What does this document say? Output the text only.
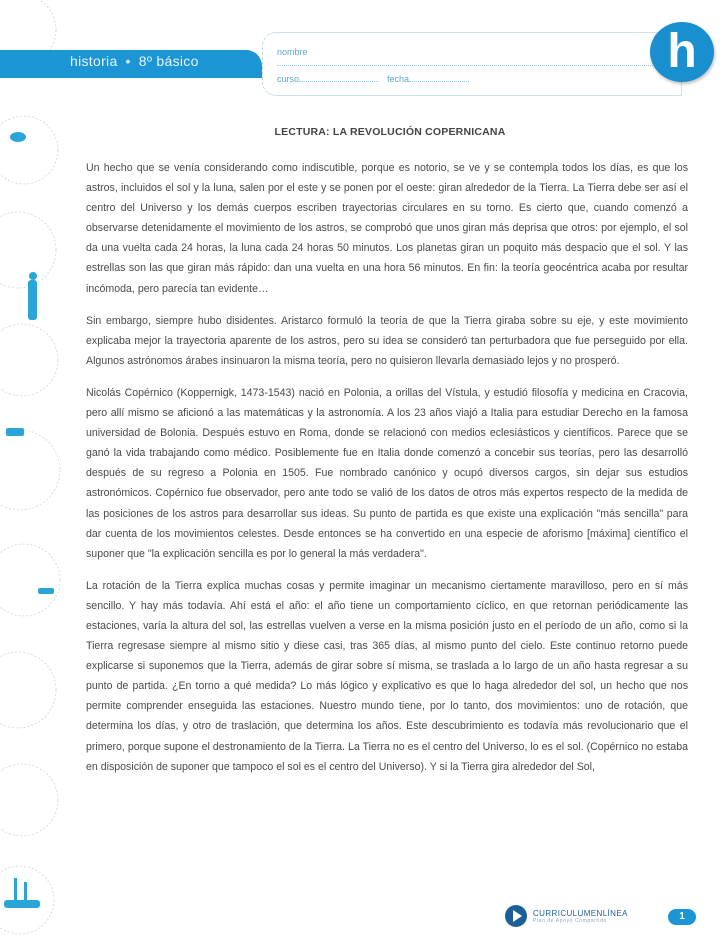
historia • 8º básico
nombre
curso	fecha
h
LECTURA: LA REVOLUCIÓN COPERNICANA

Un hecho que se venía considerando como indiscutible, porque es notorio, se ve y se contempla todos los días, es que los astros, incluidos el sol y la luna, salen por el este y se ponen por el oeste: giran alrededor de la Tierra. La Tierra debe ser así el centro del Universo y los demás cuerpos escriben trayectorias circulares en su torno. Es cierto que, cuando comenzó a observarse detenidamente el movimiento de los astros, se comprobó que unos giran más deprisa que otros: por ejemplo, el sol da una vuelta cada 24 horas, la luna cada 24 horas 50 minutos. Los planetas giran un poquito más despacio que el sol. Y las estrellas son las que giran más rápido: dan una vuelta en una hora 56 minutos. En fin: la teoría geocéntrica acaba por resultar incómoda, pero parecía tan evidente…

Sin embargo, siempre hubo disidentes. Aristarco formuló la teoría de que la Tierra giraba sobre su eje, y este movimiento explicaba mejor la trayectoria aparente de los astros, pero su idea se consideró tan perturbadora que fue perseguido por ella. Algunos astrónomos árabes insinuaron la misma teoría, pero no quisieron llevarla demasiado lejos y no prosperó.

Nicolás Copérnico (Koppernigk, 1473-1543) nació en Polonia, a orillas del Vístula, y estudió filosofía y medicina en Cracovia, pero allí mismo se aficionó a las matemáticas y la astronomía. A los 23 años viajó a Italia para estudiar Derecho en la famosa universidad de Bolonia. Después estuvo en Roma, donde se relacionó con medios eclesiásticos y científicos. Parece que se ganó la vida trabajando como médico. Posiblemente fue en Italia donde comenzó a concebir sus teorías, pero las desarrolló después de su regreso a Polonia en 1505. Fue nombrado canónico y ocupó diversos cargos, sin dejar sus estudios astronómicos. Copérnico fue observador, pero ante todo se valió de los datos de otros más expertos respecto de la medida de las posiciones de los astros para desarrollar sus ideas. Su punto de partida es que existe una explicación "más sencilla" para dar cuenta de los movimientos celestes. Desde entonces se ha convertido en una especie de aforismo [máxima] científico el suponer que "la explicación sencilla es por lo general la más verdadera".

La rotación de la Tierra explica muchas cosas y permite imaginar un mecanismo ciertamente maravilloso, pero en sí más sencillo. Y hay más todavía. Ahí está el año: el año tiene un comportamiento cíclico, en que retornan periódicamente las estaciones, varía la altura del sol, las estrellas vuelven a verse en la misma posición justo en el período de un año, como si la Tierra regresase siempre al mismo sitio y diese casi, tras 365 días, al mismo punto del cielo. Este continuo retorno puede explicarse si suponemos que la Tierra, además de girar sobre sí misma, se traslada a lo largo de un año hasta regresar a su punto de partida. ¿En torno a qué medida? Lo más lógico y explicativo es que lo haga alrededor del sol, un hecho que nos permite comprender enseguida las estaciones. Nuestro mundo tiene, por lo tanto, dos movimientos: uno de rotación, que determina los días, y otro de traslación, que determina los años. Este descubrimiento es todavía más revolucionario que el primero, porque supone el destronamiento de la Tierra. La Tierra no es el centro del Universo, lo es el sol. (Copérnico no estaba en disposición de suponer que tampoco el sol es el centro del Universo). Y si la Tierra gira alrededor del Sol,

CURRICULUMENLÍNEA
Plan de Apoyo Compartido	1
